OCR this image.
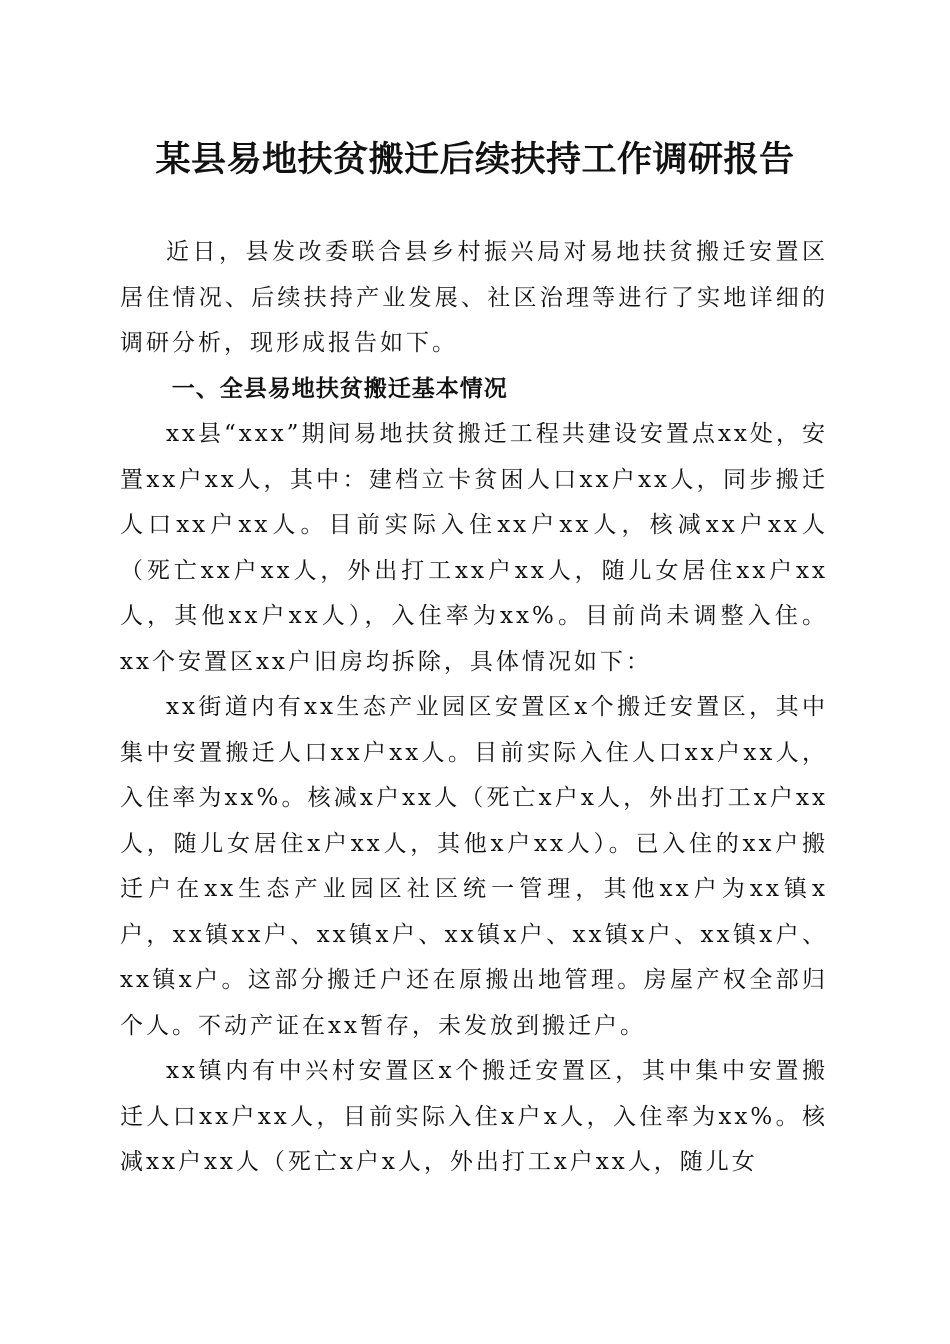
某县易地扶贫搬迁后续扶持工作调研报告

近日，县发改委联合县乡村振兴局对易地扶贫搬迁安置区居住情况、后续扶持产业发展、社区治理等进行了实地详细的调研分析，现形成报告如下。

一、全县易地扶贫搬迁基本情况

xx县“xxx”期间易地扶贫搬迁工程共建设安置点xx处，安置xx户xx人，其中：建档立卡贫困人口xx户xx人，同步搬迁人口xx户xx人。目前实际入住xx户xx人，核减xx户xx人（死亡xx户xx人，外出打工xx户xx人，随儿女居住xx户xx人，其他xx户xx人），入住率为xx%。目前尚未调整入住。xx个安置区xx户旧房均拆除，具体情况如下：

xx街道内有xx生态产业园区安置区x个搬迁安置区，其中集中安置搬迁人口xx户xx人。目前实际入住人口xx户xx人，入住率为xx%。核减x户xx人（死亡x户x人，外出打工x户xx人，随儿女居住x户xx人，其他x户xx人）。已入住的xx户搬迁户在xx生态产业园区社区统一管理，其他xx户为xx镇x户，xx镇xx户、xx镇x户、xx镇x户、xx镇x户、xx镇x户、xx镇x户。这部分搬迁户还在原搬出地管理。房屋产权全部归个人。不动产证在xx暂存，未发放到搬迁户。

xx镇内有中兴村安置区x个搬迁安置区，其中集中安置搬迁人口xx户xx人，目前实际入住x户x人，入住率为xx%。核减xx户xx人（死亡x户x人，外出打工x户xx人，随儿女
